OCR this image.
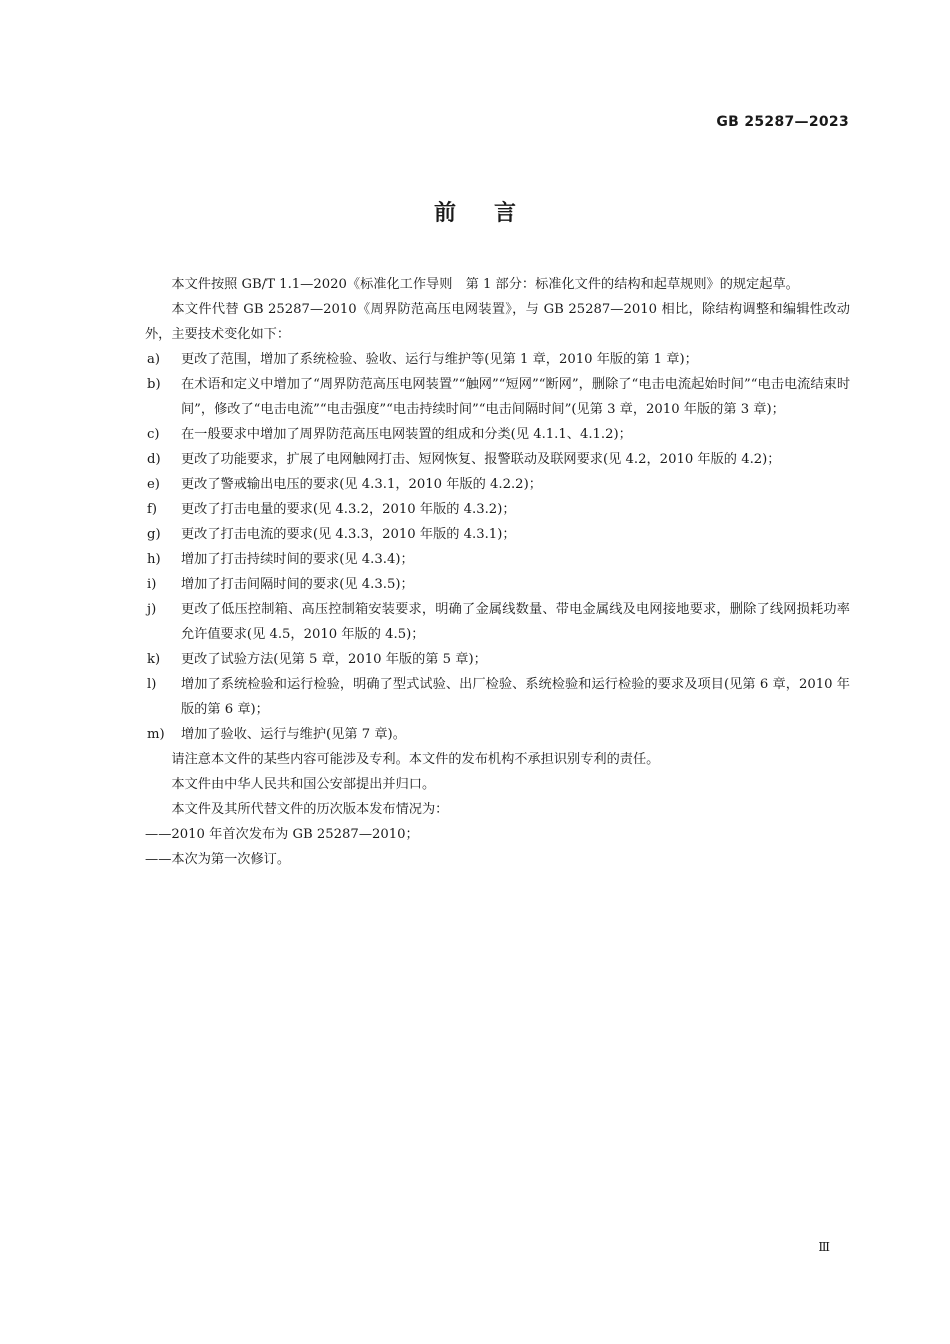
GB 25287—2023
前言

本文件按照 GB/T 1.1—2020《标准化工作导则　第 1 部分：标准化文件的结构和起草规则》的规定起草。

本文件代替 GB 25287—2010《周界防范高压电网装置》，与 GB 25287—2010 相比，除结构调整和编辑性改动外，主要技术变化如下：

a)	更改了范围，增加了系统检验、验收、运行与维护等(见第 1 章，2010 年版的第 1 章)；
b)	在术语和定义中增加了“周界防范高压电网装置”“触网”“短网”“断网”，删除了“电击电流起始时间”“电击电流结束时间”，修改了“电击电流”“电击强度”“电击持续时间”“电击间隔时间”(见第 3 章，2010 年版的第 3 章)；
c)	在一般要求中增加了周界防范高压电网装置的组成和分类(见 4.1.1、4.1.2)；
d)	更改了功能要求，扩展了电网触网打击、短网恢复、报警联动及联网要求(见 4.2，2010 年版的 4.2)；
e)	更改了警戒输出电压的要求(见 4.3.1，2010 年版的 4.2.2)；
f)	更改了打击电量的要求(见 4.3.2，2010 年版的 4.3.2)；
g)	更改了打击电流的要求(见 4.3.3，2010 年版的 4.3.1)；
h)	增加了打击持续时间的要求(见 4.3.4)；
i)	增加了打击间隔时间的要求(见 4.3.5)；
j)	更改了低压控制箱、高压控制箱安装要求，明确了金属线数量、带电金属线及电网接地要求，删除了线网损耗功率允许值要求(见 4.5，2010 年版的 4.5)；
k)	更改了试验方法(见第 5 章，2010 年版的第 5 章)；
l)	增加了系统检验和运行检验，明确了型式试验、出厂检验、系统检验和运行检验的要求及项目(见第 6 章，2010 年版的第 6 章)；
m)	增加了验收、运行与维护(见第 7 章)。

请注意本文件的某些内容可能涉及专利。本文件的发布机构不承担识别专利的责任。

本文件由中华人民共和国公安部提出并归口。

本文件及其所代替文件的历次版本发布情况为：

——2010 年首次发布为 GB 25287—2010；

——本次为第一次修订。

Ⅲ
